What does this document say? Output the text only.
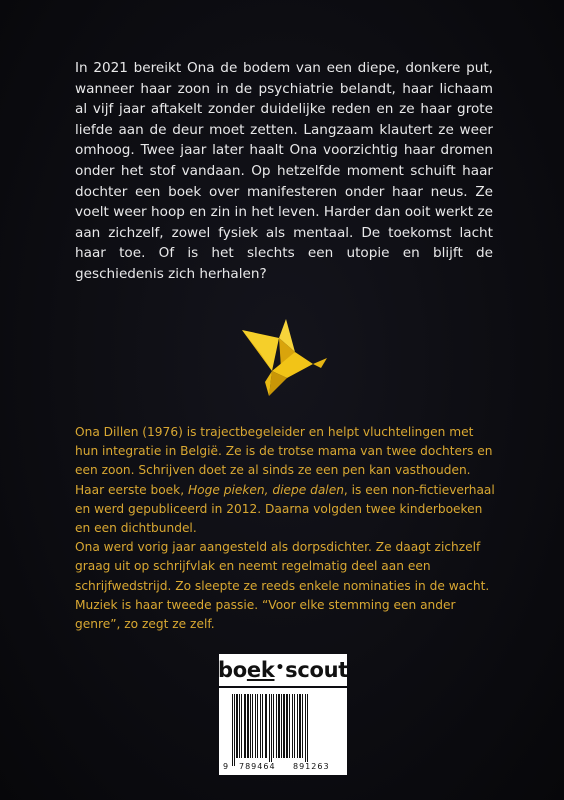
In 2021 bereikt Ona de bodem van een diepe, donkere put, wanneer haar zoon in de psychiatrie belandt, haar lichaam al vijf jaar aftakelt zonder duidelijke reden en ze haar grote liefde aan de deur moet zetten. Langzaam klautert ze weer omhoog. Twee jaar later haalt Ona voorzichtig haar dromen onder het stof vandaan. Op hetzelfde moment schuift haar dochter een boek over manifesteren onder haar neus. Ze voelt weer hoop en zin in het leven. Harder dan ooit werkt ze aan zichzelf, zowel fysiek als mentaal. De toekomst lacht haar toe. Of is het slechts een utopie en blijft de geschiedenis zich herhalen?

Ona Dillen (1976) is trajectbegeleider en helpt vluchtelingen met hun integratie in België. Ze is de trotse mama van twee dochters en een zoon. Schrijven doet ze al sinds ze een pen kan vasthouden. Haar eerste boek, Hoge pieken, diepe dalen, is een non-fictieverhaal en werd gepubliceerd in 2012. Daarna volgden twee kinderboeken en een dichtbundel.

Ona werd vorig jaar aangesteld als dorpsdichter. Ze daagt zichzelf graag uit op schrijfvlak en neemt regelmatig deel aan een schrijfwedstrijd. Zo sleepte ze reeds enkele nominaties in de wacht.

Muziek is haar tweede passie. “Voor elke stemming een ander genre”, zo zegt ze zelf.

bo ek • scout
9 789464 891263
